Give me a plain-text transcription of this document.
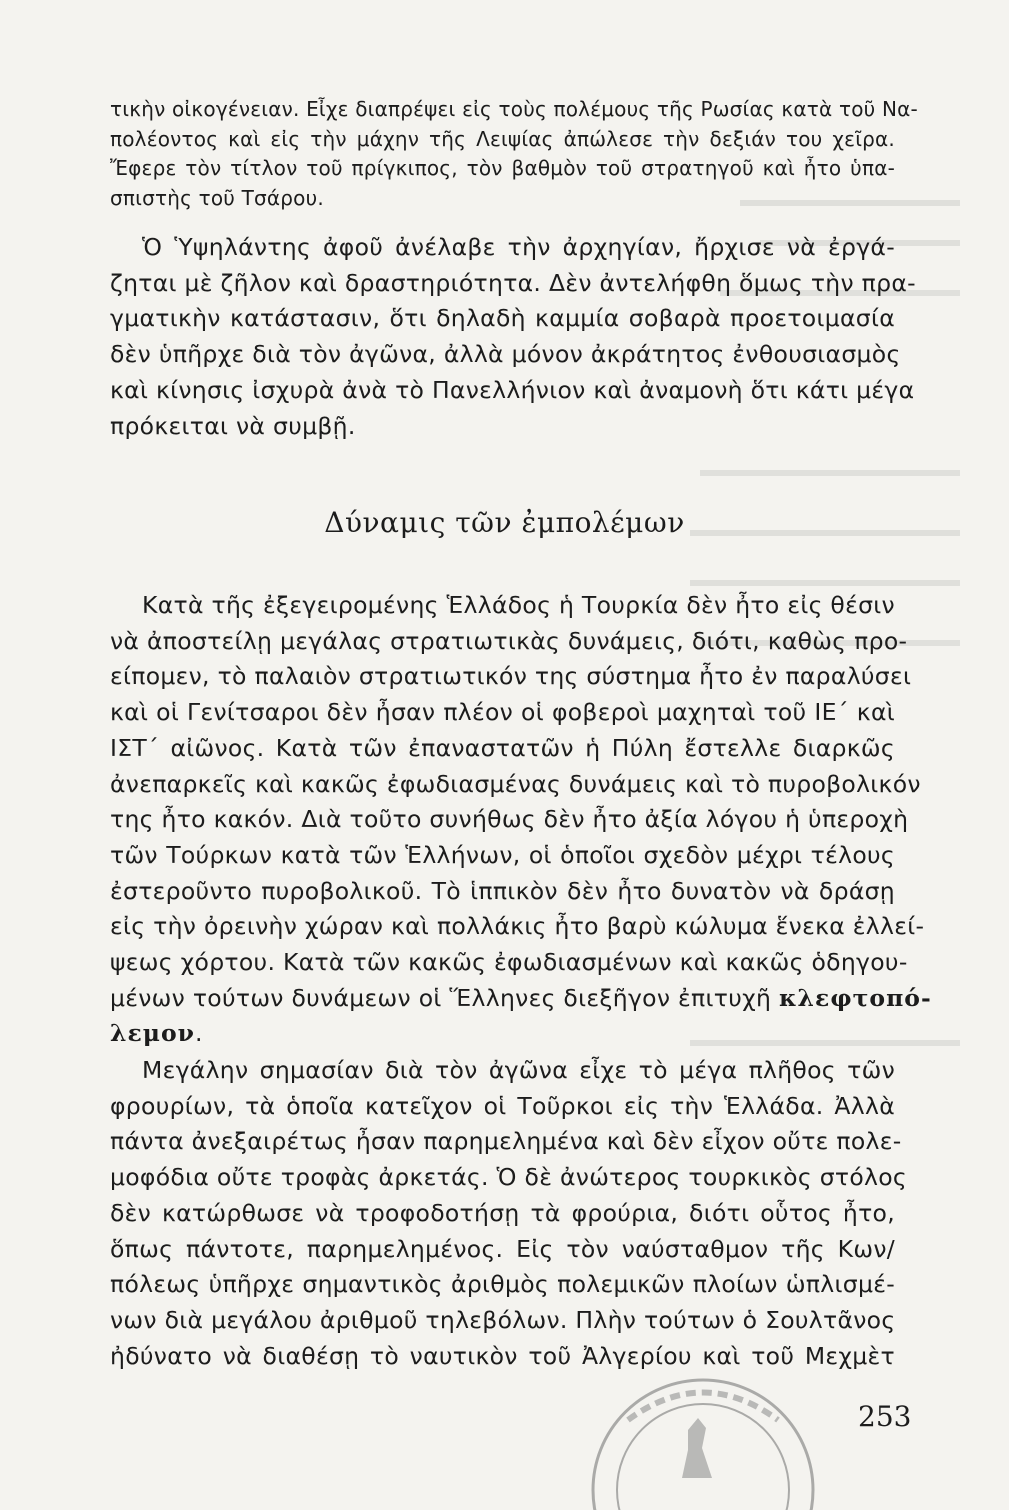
τικὴν οἰκογένειαν. Εἶχε διαπρέψει εἰς τοὺς πολέμους τῆς Ρωσίας κατὰ τοῦ Να-
πολέοντος καὶ εἰς τὴν μάχην τῆς Λειψίας ἀπώλεσε τὴν δεξιάν του χεῖρα.
Ἔφερε τὸν τίτλον τοῦ πρίγκιπος, τὸν βαθμὸν τοῦ στρατηγοῦ καὶ ἦτο ὑπα-
σπιστὴς τοῦ Τσάρου.
Ὁ Ὑψηλάντης ἀφοῦ ἀνέλαβε τὴν ἀρχηγίαν, ἤρχισε νὰ ἐργά-
ζηται μὲ ζῆλον καὶ δραστηριότητα. Δὲν ἀντελήφθη ὅμως τὴν πρα-
γματικὴν κατάστασιν, ὅτι δηλαδὴ καμμία σοβαρὰ προετοιμασία
δὲν ὑπῆρχε διὰ τὸν ἀγῶνα, ἀλλὰ μόνον ἀκράτητος ἐνθουσιασμὸς
καὶ κίνησις ἰσχυρὰ ἀνὰ τὸ Πανελλήνιον καὶ ἀναμονὴ ὅτι κάτι μέγα
πρόκειται νὰ συμβῇ.
Δύναμις τῶν ἐμπολέμων
Κατὰ τῆς ἐξεγειρομένης Ἑλλάδος ἡ Τουρκία δὲν ἦτο εἰς θέσιν
νὰ ἀποστείλῃ μεγάλας στρατιωτικὰς δυνάμεις, διότι, καθὼς προ-
είπομεν, τὸ παλαιὸν στρατιωτικόν της σύστημα ἦτο ἐν παραλύσει
καὶ οἱ Γενίτσαροι δὲν ἦσαν πλέον οἱ φοβεροὶ μαχηταὶ τοῦ ΙΕ΄ καὶ
ΙΣΤ΄ αἰῶνος. Κατὰ τῶν ἐπαναστατῶν ἡ Πύλη ἔστελλε διαρκῶς
ἀνεπαρκεῖς καὶ κακῶς ἐφωδιασμένας δυνάμεις καὶ τὸ πυροβολικόν
της ἦτο κακόν. Διὰ τοῦτο συνήθως δὲν ἦτο ἀξία λόγου ἡ ὑπεροχὴ
τῶν Τούρκων κατὰ τῶν Ἑλλήνων, οἱ ὁποῖοι σχεδὸν μέχρι τέλους
ἐστεροῦντο πυροβολικοῦ. Τὸ ἱππικὸν δὲν ἦτο δυνατὸν νὰ δράσῃ
εἰς τὴν ὀρεινὴν χώραν καὶ πολλάκις ἦτο βαρὺ κώλυμα ἕνεκα ἐλλεί-
ψεως χόρτου. Κατὰ τῶν κακῶς ἐφωδιασμένων καὶ κακῶς ὁδηγου-
μένων τούτων δυνάμεων οἱ Ἕλληνες διεξῆγον ἐπιτυχῆ κλεφτοπό-
λεμον.
Μεγάλην σημασίαν διὰ τὸν ἀγῶνα εἶχε τὸ μέγα πλῆθος τῶν
φρουρίων, τὰ ὁποῖα κατεῖχον οἱ Τοῦρκοι εἰς τὴν Ἑλλάδα. Ἀλλὰ
πάντα ἀνεξαιρέτως ἦσαν παρημελημένα καὶ δὲν εἶχον οὔτε πολε-
μοφόδια οὔτε τροφὰς ἀρκετάς. Ὁ δὲ ἀνώτερος τουρκικὸς στόλος
δὲν κατώρθωσε νὰ τροφοδοτήσῃ τὰ φρούρια, διότι οὗτος ἦτο,
ὅπως πάντοτε, παρημελημένος. Εἰς τὸν ναύσταθμον τῆς Κων/
πόλεως ὑπῆρχε σημαντικὸς ἀριθμὸς πολεμικῶν πλοίων ὡπλισμέ-
νων διὰ μεγάλου ἀριθμοῦ τηλεβόλων. Πλὴν τούτων ὁ Σουλτᾶνος
ἠδύνατο νὰ διαθέσῃ τὸ ναυτικὸν τοῦ Ἀλγερίου καὶ τοῦ Μεχμὲτ
253
